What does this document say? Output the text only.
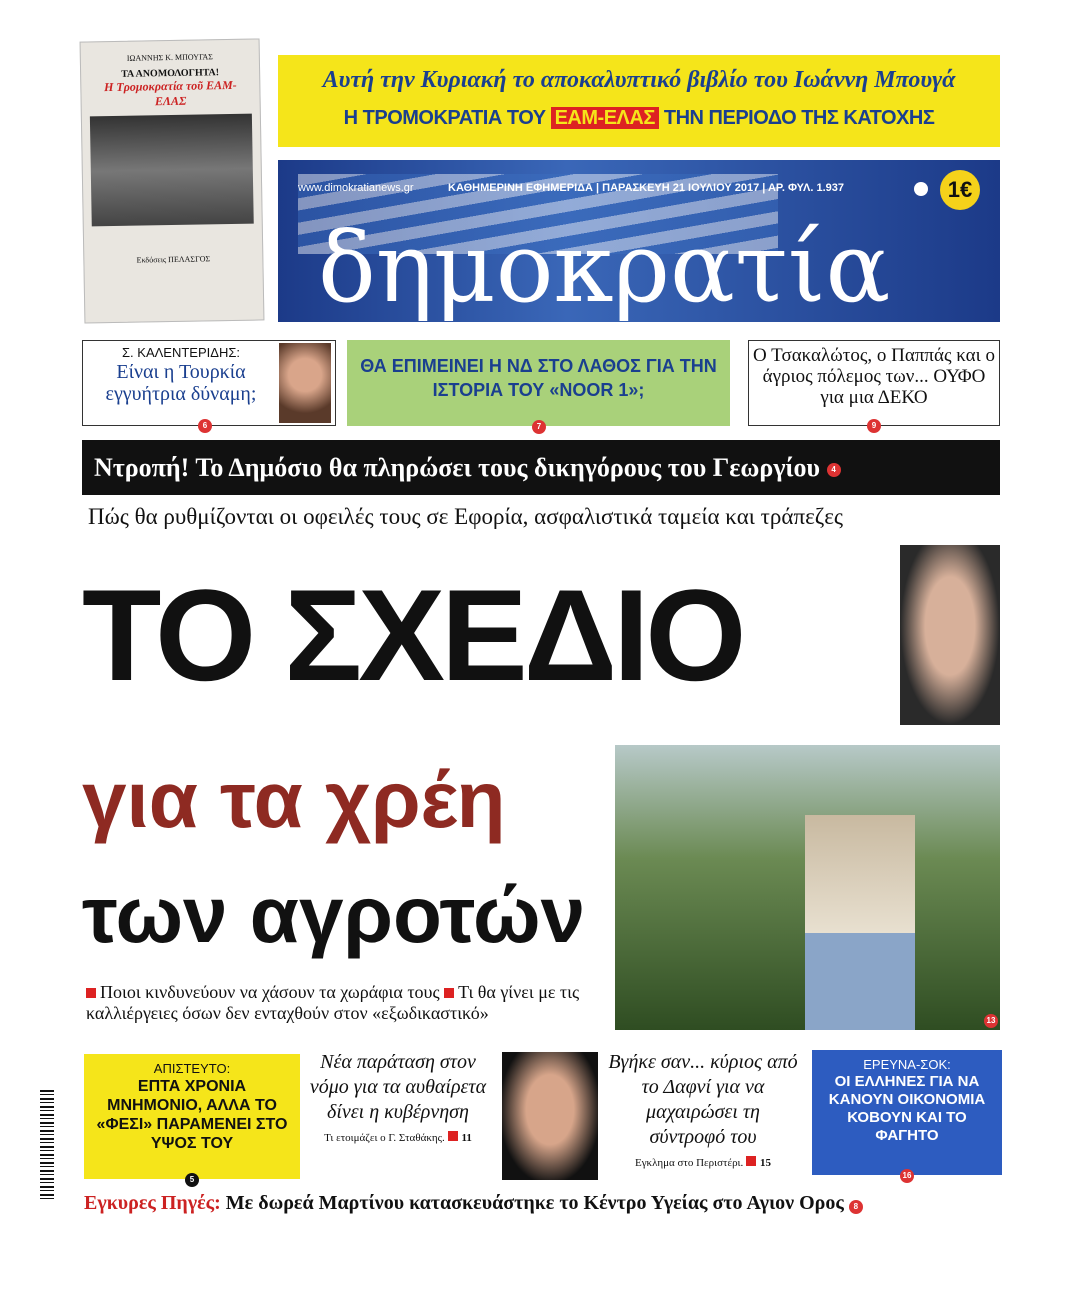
ΙΩΑΝΝΗΣ Κ. ΜΠΟΥΓΑΣ
ΤΑ ΑΝΟΜΟΛΟΓΗΤΑ!
Η Τρομοκρατία τοῦ ΕΑΜ-ΕΛΑΣ
Εκδόσεις ΠΕΛΑΣΓΟΣ
Αυτή την Κυριακή το αποκαλυπτικό βιβλίο του Ιωάννη Μπουγά
Η ΤΡΟΜΟΚΡΑΤΙΑ ΤΟΥ ΕΑΜ-ΕΛΑΣ ΤΗΝ ΠΕΡΙΟΔΟ ΤΗΣ ΚΑΤΟΧΗΣ
δημοκρατία
www.dimokratianews.gr	ΚΑΘΗΜΕΡΙΝΗ ΕΦΗΜΕΡΙΔΑ | ΠΑΡΑΣΚΕΥΗ 21 ΙΟΥΛΙΟΥ 2017 | ΑΡ. ΦΥΛ. 1.937	1€
Σ. ΚΑΛΕΝΤΕΡΙΔΗΣ:
Είναι η Τουρκία εγγυήτρια δύναμη;
6
ΘΑ ΕΠΙΜΕΙΝΕΙ Η ΝΔ ΣΤΟ ΛΑΘΟΣ ΓΙΑ ΤΗΝ ΙΣΤΟΡΙΑ ΤΟΥ «NOOR 1»;
7
Ο Τσακαλώτος, ο Παππάς και ο άγριος πόλεμος των... ΟΥΦΟ για μια ΔΕΚΟ
9
Ντροπή! Το Δημόσιο θα πληρώσει τους δικηγόρους του Γεωργίου 4
Πώς θα ρυθμίζονται οι οφειλές τους σε Εφορία, ασφαλιστικά ταμεία και τράπεζες
ΤΟ ΣΧΕΔΙΟ
13
για τα χρέη
των αγροτών
Ποιοι κινδυνεύουν να χάσουν τα χωράφια τους Τι θα γίνει με τις καλλιέργειες όσων δεν ενταχθούν στον «εξωδικαστικό»
ΑΠΙΣΤΕΥΤΟ:
ΕΠΤΑ ΧΡΟΝΙΑ ΜΝΗΜΟΝΙΟ, ΑΛΛΑ ΤΟ «ΦΕΣΙ» ΠΑΡΑΜΕΝΕΙ ΣΤΟ ΥΨΟΣ ΤΟΥ
5
Νέα παράταση στον νόμο για τα αυθαίρετα δίνει η κυβέρνηση
Τι ετοιμάζει ο Γ. Σταθάκης. 11
Βγήκε σαν... κύριος από το Δαφνί για να μαχαιρώσει τη σύντροφό του
Εγκλημα στο Περιστέρι. 15
ΕΡΕΥΝΑ-ΣΟΚ:
ΟΙ ΕΛΛΗΝΕΣ ΓΙΑ ΝΑ ΚΑΝΟΥΝ ΟΙΚΟΝΟΜΙΑ ΚΟΒΟΥΝ ΚΑΙ ΤΟ ΦΑΓΗΤΟ
16
Εγκυρες Πηγές: Με δωρεά Μαρτίνου κατασκευάστηκε το Κέντρο Υγείας στο Αγιον Ορος 8
